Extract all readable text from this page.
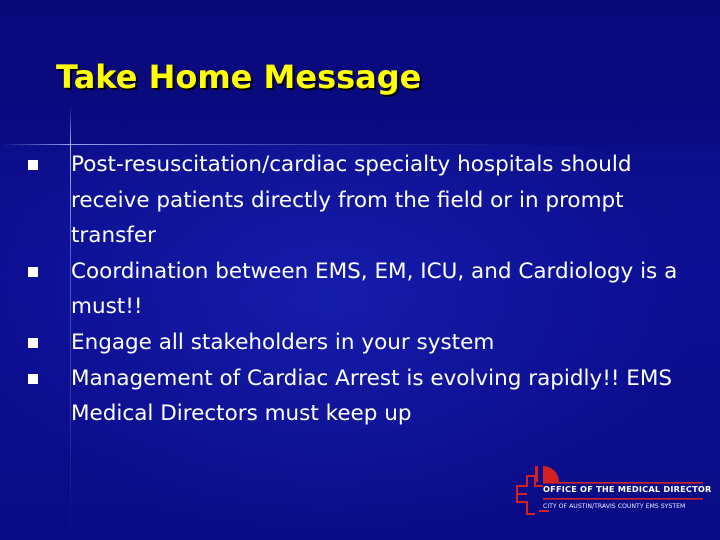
Take Home Message
Post-resuscitation/cardiac specialty hospitals should receive patients directly from the field or in prompt transfer
Coordination between EMS, EM, ICU, and Cardiology is a must!!
Engage all stakeholders in your system
Management of Cardiac Arrest is evolving rapidly!! EMS Medical Directors must keep up
OFFICE OF THE MEDICAL DIRECTOR
CITY OF AUSTIN/TRAVIS COUNTY EMS SYSTEM
